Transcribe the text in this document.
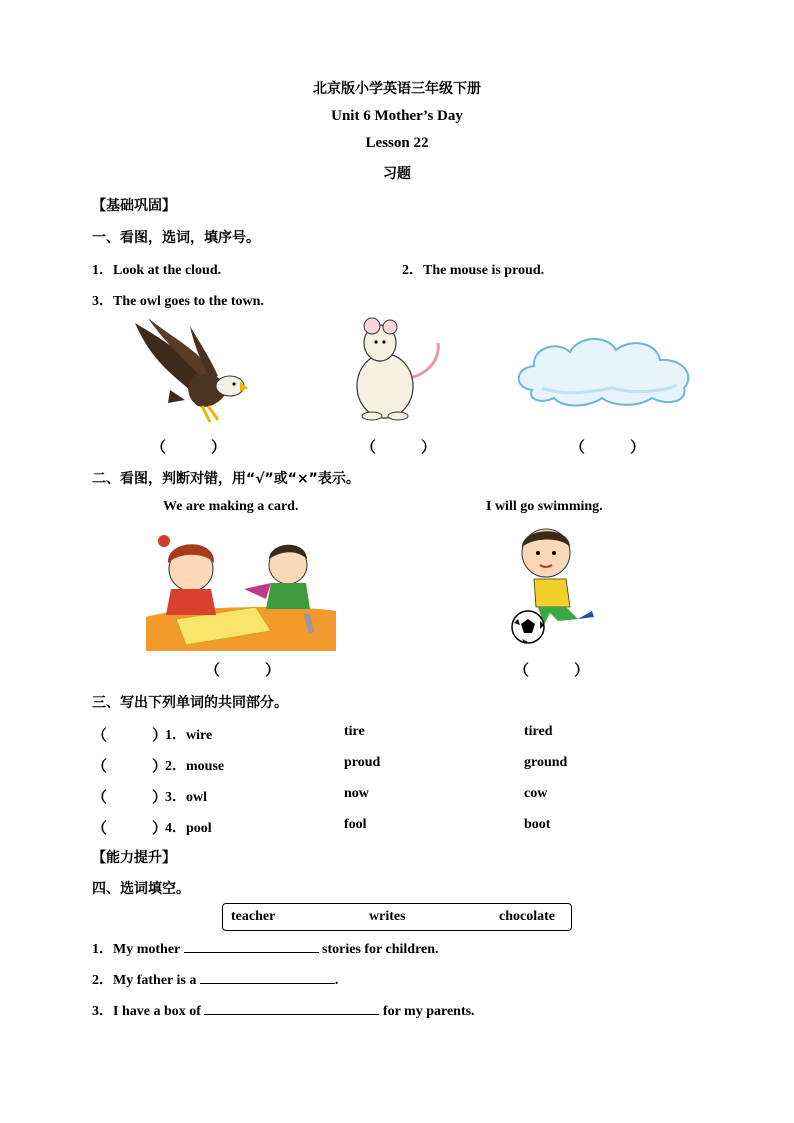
北京版小学英语三年级下册
Unit 6 Mother’s Day
Lesson 22
习题
【基础巩固】
一、看图，选词，填序号。
1．Look at the cloud.	2．The mouse is proud.
3．The owl goes to the town.
（　　　）	（　　　）	（　　　）
二、看图，判断对错，用“√”或“×”表示。
We are making a card.	I will go swimming.
（　　　）	（　　　）
三、写出下列单词的共同部分。
（　　　）
1．wire	tire	tired
（　　　）
2．mouse	proud	ground
（　　　）
3．owl	now	cow
（　　　）
4．pool	fool	boot
【能力提升】
四、选词填空。
teacher	writes	chocolate
1．My mother	stories for children.
2．My father is a	.
3．I have a box of	for my parents.
